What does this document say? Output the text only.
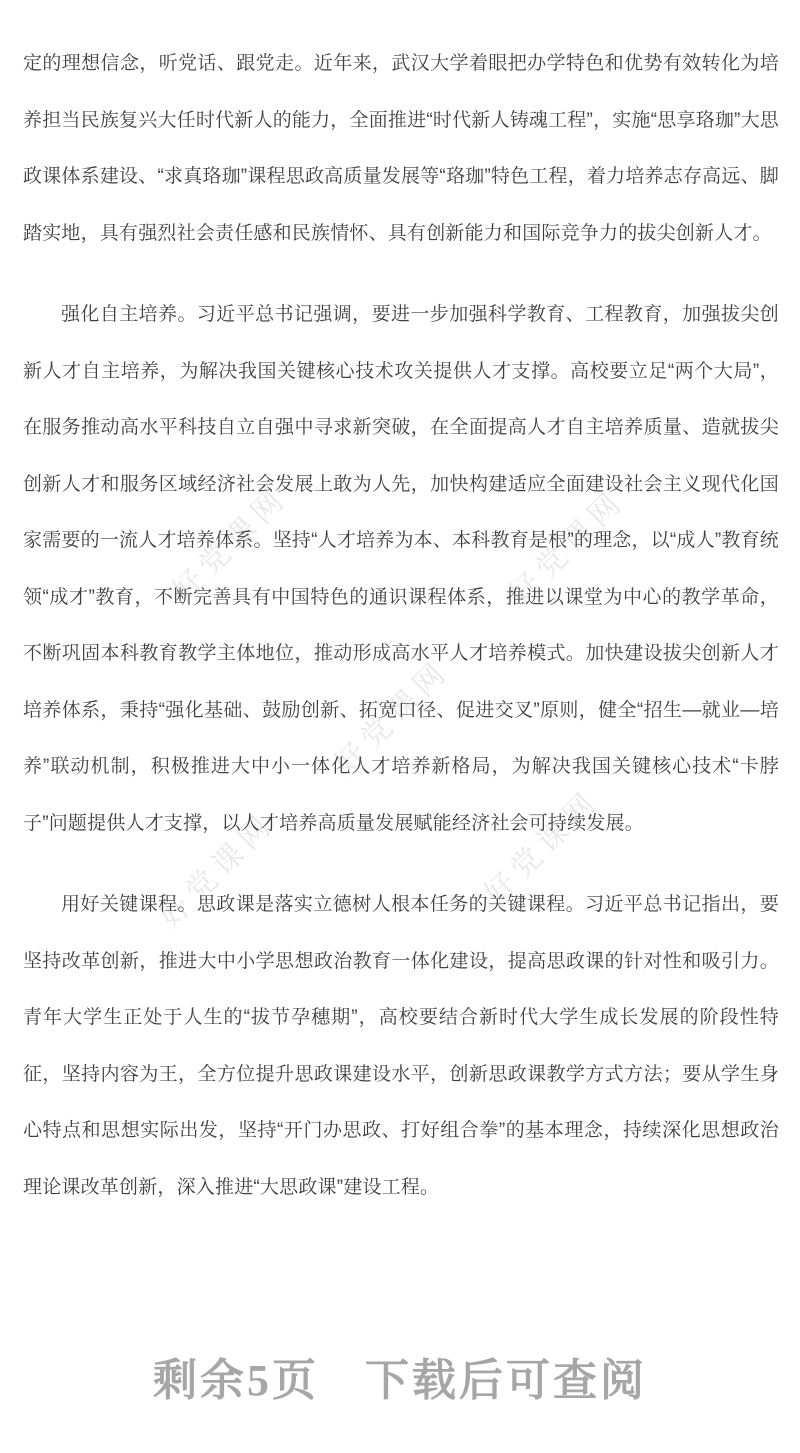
好党课网	好党课网
好党课网
好党课网	好党课网

定的理想信念，听党话、跟党走。近年来，武汉大学着眼把办学特色和优势有效转化为培养担当民族复兴大任时代新人的能力，全面推进“时代新人铸魂工程”，实施“思享珞珈”大思政课体系建设、“求真珞珈”课程思政高质量发展等“珞珈”特色工程，着力培养志存高远、脚踏实地，具有强烈社会责任感和民族情怀、具有创新能力和国际竞争力的拔尖创新人才。

强化自主培养。习近平总书记强调，要进一步加强科学教育、工程教育，加强拔尖创新人才自主培养，为解决我国关键核心技术攻关提供人才支撑。高校要立足“两个大局”，在服务推动高水平科技自立自强中寻求新突破，在全面提高人才自主培养质量、造就拔尖创新人才和服务区域经济社会发展上敢为人先，加快构建适应全面建设社会主义现代化国家需要的一流人才培养体系。坚持“人才培养为本、本科教育是根”的理念，以“成人”教育统领“成才”教育，不断完善具有中国特色的通识课程体系，推进以课堂为中心的教学革命，不断巩固本科教育教学主体地位，推动形成高水平人才培养模式。加快建设拔尖创新人才培养体系，秉持“强化基础、鼓励创新、拓宽口径、促进交叉”原则，健全“招生—就业—培养”联动机制，积极推进大中小一体化人才培养新格局，为解决我国关键核心技术“卡脖子”问题提供人才支撑，以人才培养高质量发展赋能经济社会可持续发展。

用好关键课程。思政课是落实立德树人根本任务的关键课程。习近平总书记指出，要坚持改革创新，推进大中小学思想政治教育一体化建设，提高思政课的针对性和吸引力。青年大学生正处于人生的“拔节孕穗期”，高校要结合新时代大学生成长发展的阶段性特征，坚持内容为王，全方位提升思政课建设水平，创新思政课教学方式方法；要从学生身心特点和思想实际出发，坚持“开门办思政、打好组合拳”的基本理念，持续深化思想政治理论课改革创新，深入推进“大思政课”建设工程。

剩余5页 下载后可查阅
